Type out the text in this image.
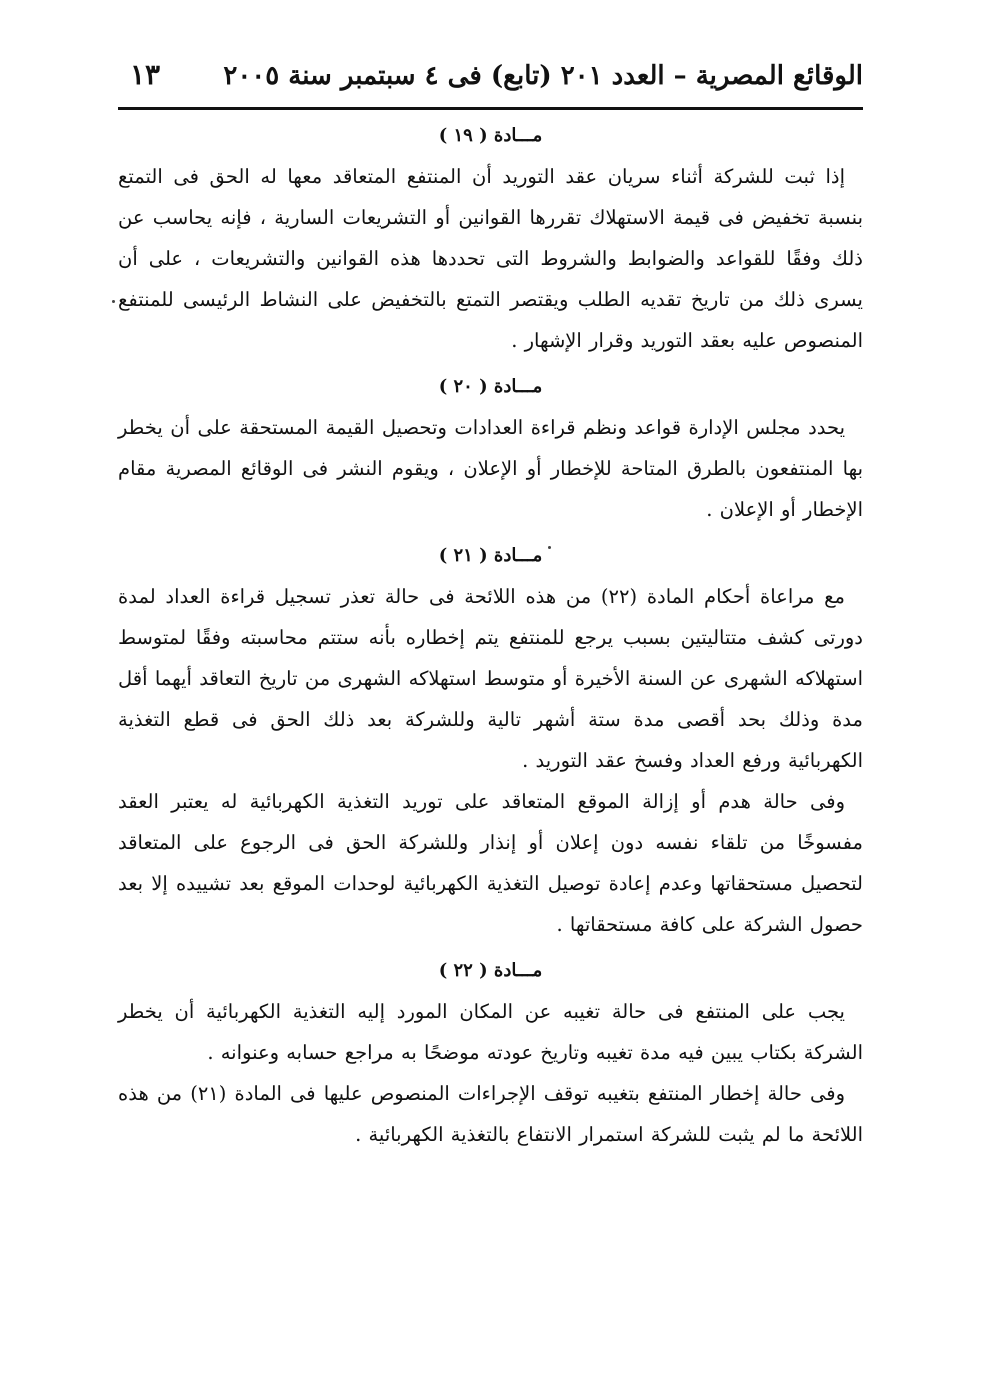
الوقائع المصرية – العدد ٢٠١ (تابع) فى ٤ سبتمبر سنة ٢٠٠٥
١٣
مـــادة ( ١٩ )

إذا ثبت للشركة أثناء سريان عقد التوريد أن المنتفع المتعاقد معها له الحق فى التمتع بنسبة تخفيض فى قيمة الاستهلاك تقررها القوانين أو التشريعات السارية ، فإنه يحاسب عن ذلك وفقًا للقواعد والضوابط والشروط التى تحددها هذه القوانين والتشريعات ، على أن يسرى ذلك من تاريخ تقديه الطلب ويقتصر التمتع بالتخفيض على النشاط الرئيسى للمنتفع المنصوص عليه بعقد التوريد وقرار الإشهار .

مـــادة ( ٢٠ )

يحدد مجلس الإدارة قواعد ونظم قراءة العدادات وتحصيل القيمة المستحقة على أن يخطر بها المنتفعون بالطرق المتاحة للإخطار أو الإعلان ، ويقوم النشر فى الوقائع المصرية مقام الإخطار أو الإعلان .

مـــادة ( ٢١ )

مع مراعاة أحكام المادة (٢٢) من هذه اللائحة فى حالة تعذر تسجيل قراءة العداد لمدة دورتى كشف متتاليتين بسبب يرجع للمنتفع يتم إخطاره بأنه ستتم محاسبته وفقًا لمتوسط استهلاكه الشهرى عن السنة الأخيرة أو متوسط استهلاكه الشهرى من تاريخ التعاقد أيهما أقل مدة وذلك بحد أقصى مدة ستة أشهر تالية وللشركة بعد ذلك الحق فى قطع التغذية الكهربائية ورفع العداد وفسخ عقد التوريد .

وفى حالة هدم أو إزالة الموقع المتعاقد على توريد التغذية الكهربائية له يعتبر العقد مفسوخًا من تلقاء نفسه دون إعلان أو إنذار وللشركة الحق فى الرجوع على المتعاقد لتحصيل مستحقاتها وعدم إعادة توصيل التغذية الكهربائية لوحدات الموقع بعد تشييده إلا بعد حصول الشركة على كافة مستحقاتها .

مـــادة ( ٢٢ )

يجب على المنتفع فى حالة تغيبه عن المكان المورد إليه التغذية الكهربائية أن يخطر الشركة بكتاب يبين فيه مدة تغيبه وتاريخ عودته موضحًا به مراجع حسابه وعنوانه .

وفى حالة إخطار المنتفع بتغيبه توقف الإجراءات المنصوص عليها فى المادة (٢١) من هذه اللائحة ما لم يثبت للشركة استمرار الانتفاع بالتغذية الكهربائية .
